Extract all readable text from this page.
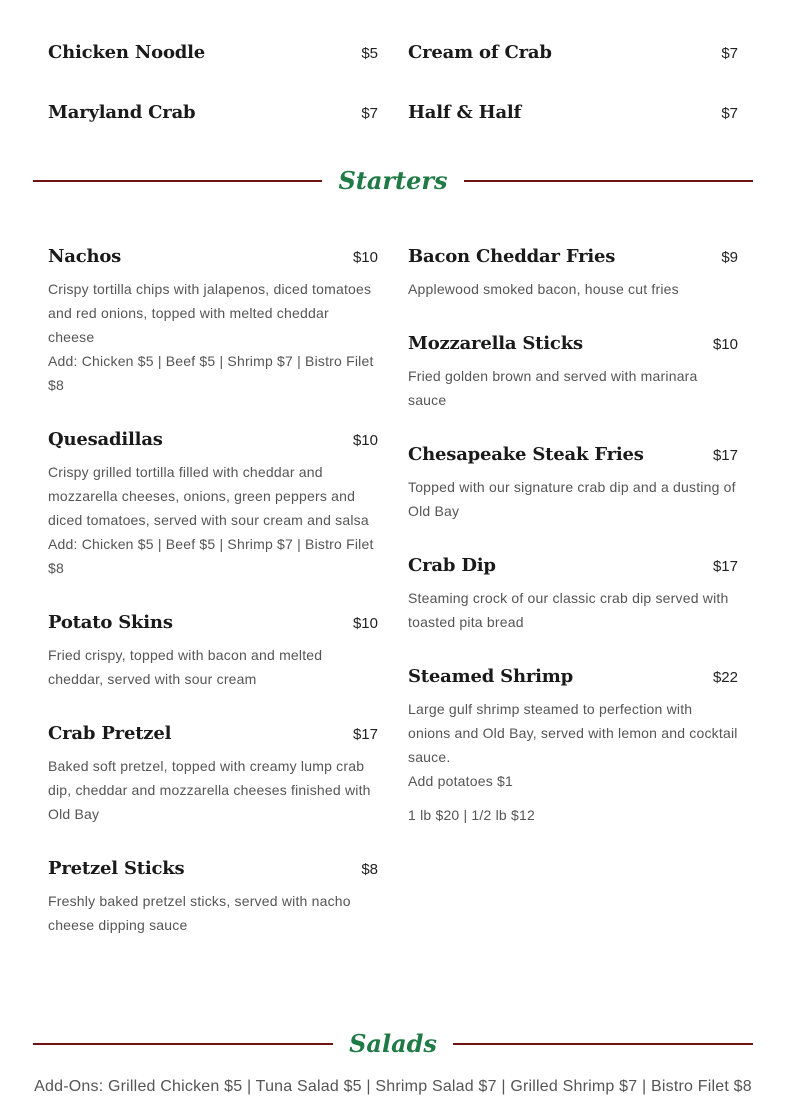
Chicken Noodle	$5 Cream of Crab	$7
Maryland Crab	$7 Half & Half	$7
Starters
Nachos	$10
Crispy tortilla chips with jalapenos, diced tomatoes and red onions, topped with melted cheddar cheese
Add: Chicken $5 | Beef $5 | Shrimp $7 | Bistro Filet $8
Quesadillas	$10
Crispy grilled tortilla filled with cheddar and mozzarella cheeses, onions, green peppers and diced tomatoes, served with sour cream and salsa
Add: Chicken $5 | Beef $5 | Shrimp $7 | Bistro Filet $8
Potato Skins	$10
Fried crispy, topped with bacon and melted cheddar, served with sour cream
Crab Pretzel	$17
Baked soft pretzel, topped with creamy lump crab dip, cheddar and mozzarella cheeses finished with Old Bay
Pretzel Sticks	$8
Freshly baked pretzel sticks, served with nacho cheese dipping sauce
Bacon Cheddar Fries	$9
Applewood smoked bacon, house cut fries
Mozzarella Sticks	$10
Fried golden brown and served with marinara sauce
Chesapeake Steak Fries	$17
Topped with our signature crab dip and a dusting of Old Bay
Crab Dip	$17
Steaming crock of our classic crab dip served with toasted pita bread
Steamed Shrimp	$22
Large gulf shrimp steamed to perfection with onions and Old Bay, served with lemon and cocktail sauce.
Add potatoes $1
1 lb $20 | 1/2 lb $12
Salads
Add-Ons: Grilled Chicken $5 | Tuna Salad $5 | Shrimp Salad $7 | Grilled Shrimp $7 | Bistro Filet $8
